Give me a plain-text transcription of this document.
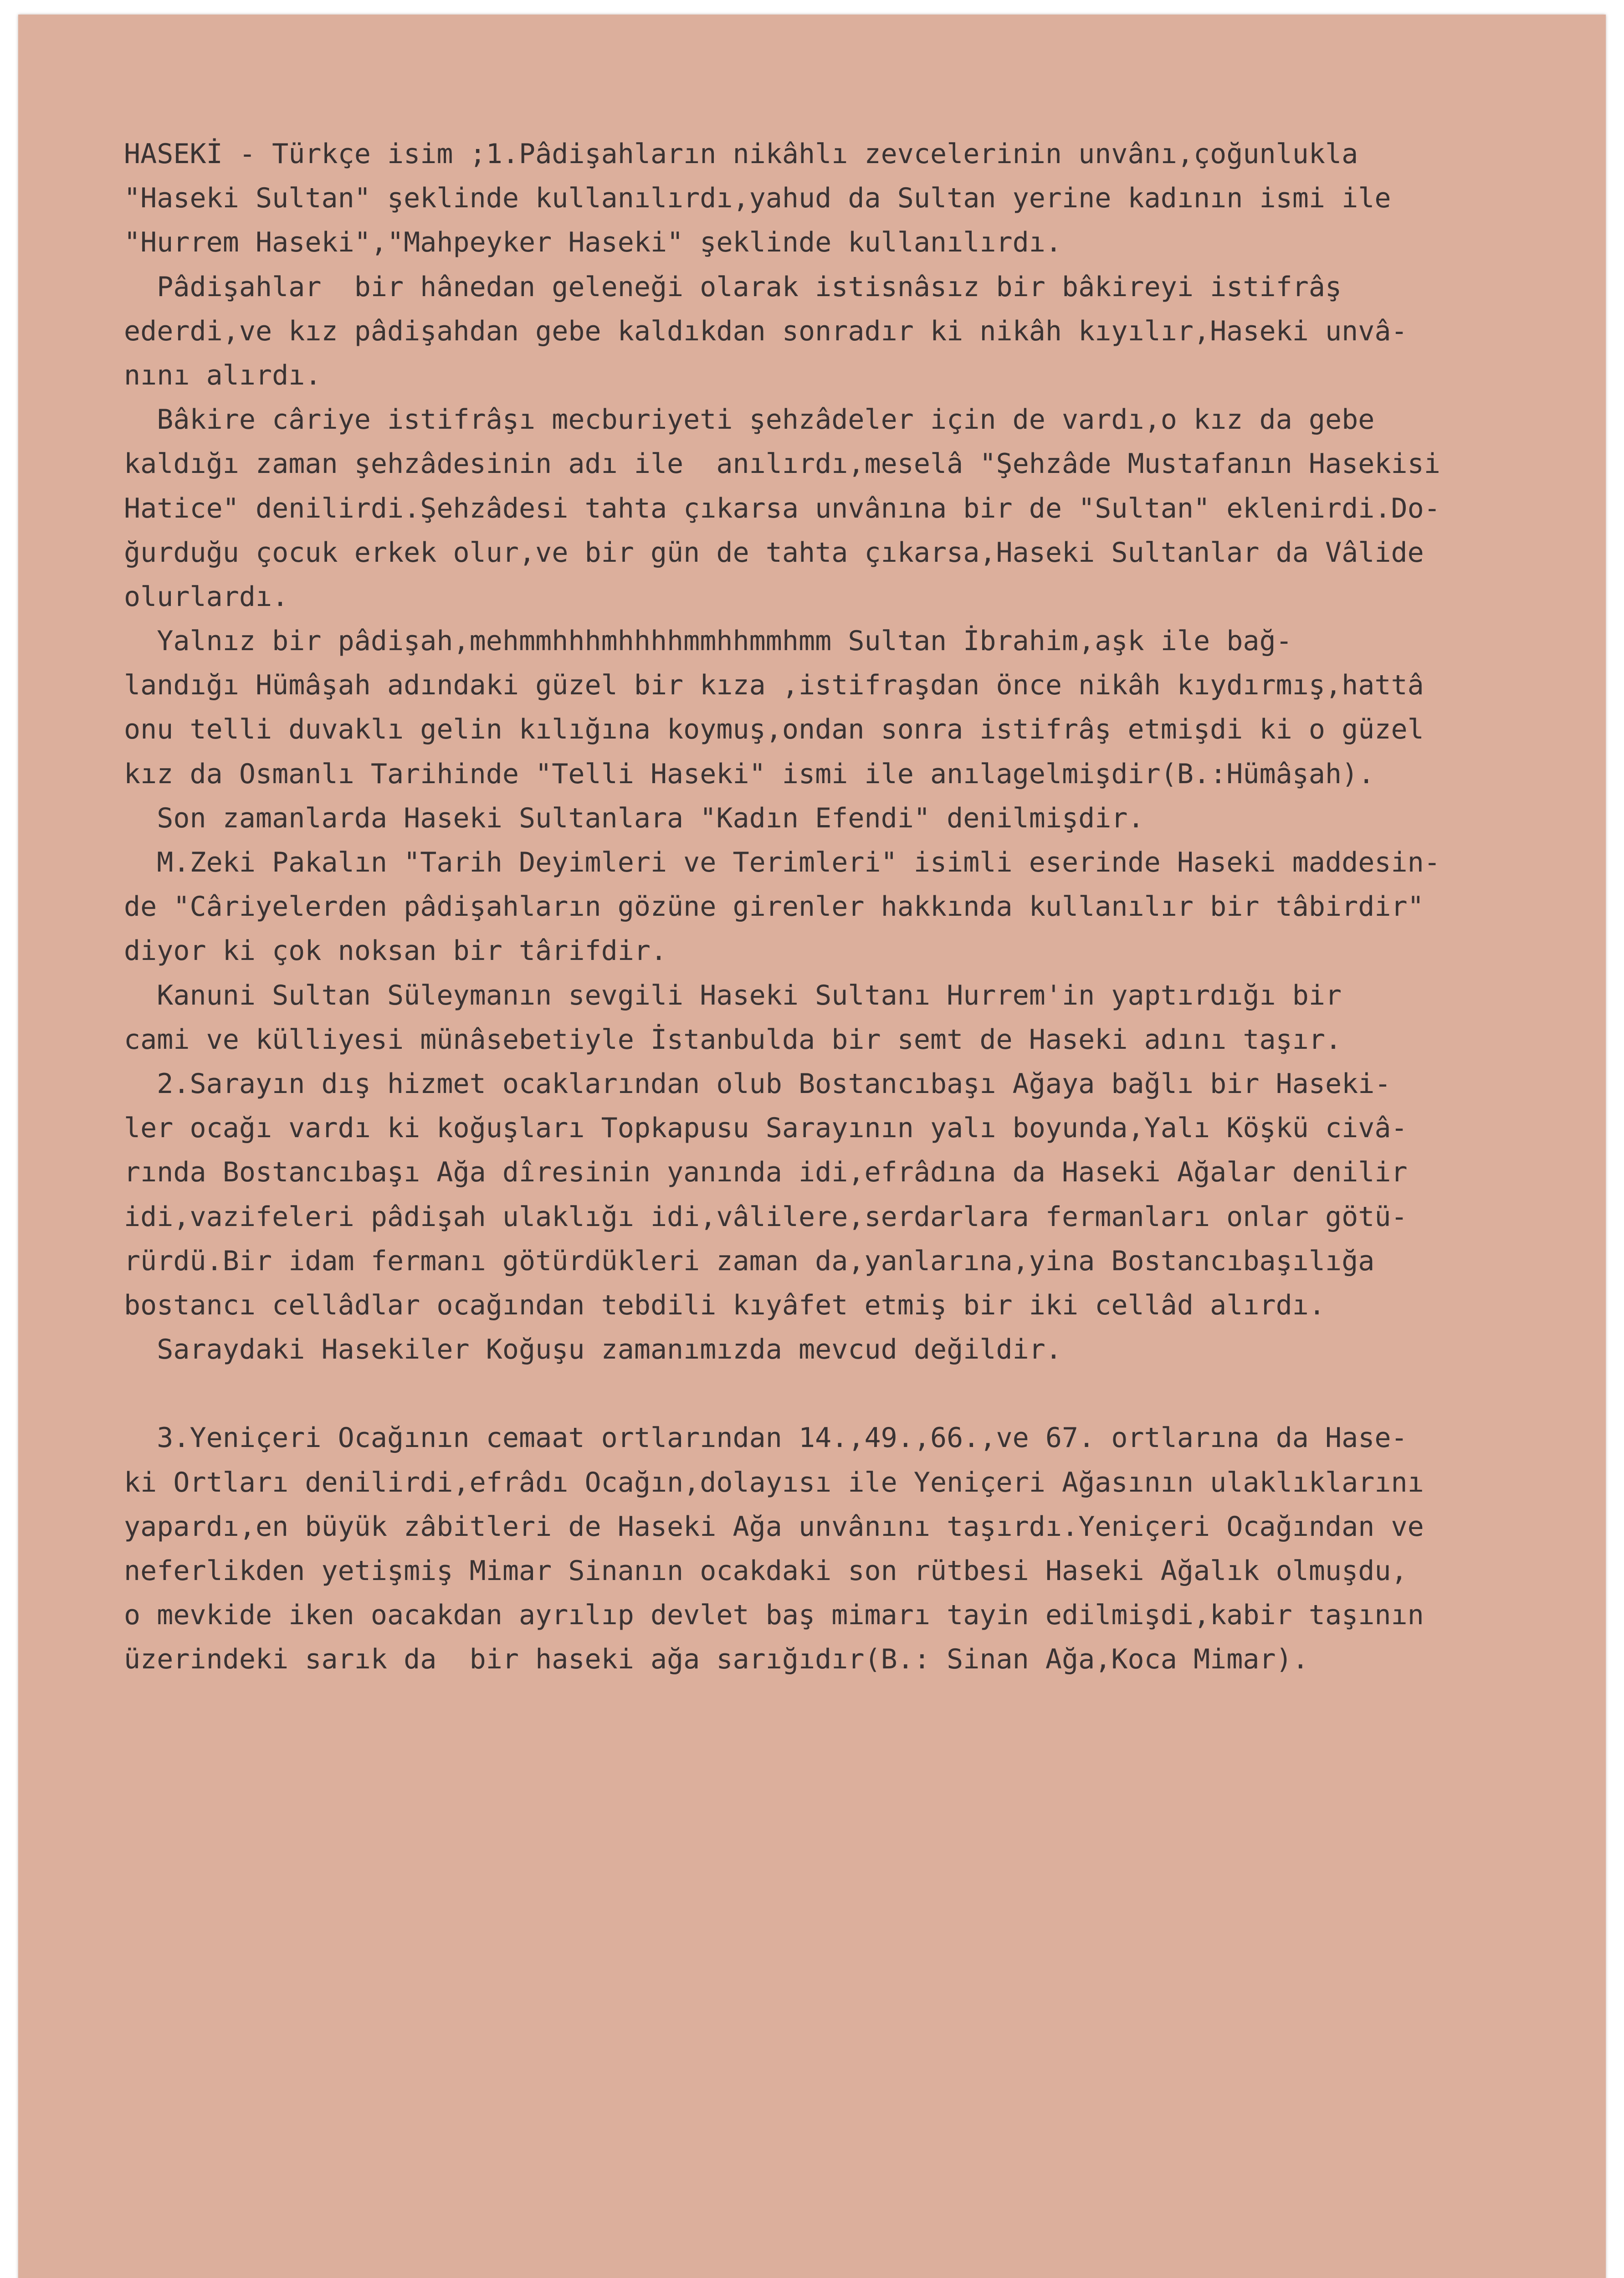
HASEKİ - Türkçe isim ;1.Pâdişahların nikâhlı zevcelerinin unvânı,çoğunlukla
"Haseki Sultan" şeklinde kullanılırdı,yahud da Sultan yerine kadının ismi ile
"Hurrem Haseki","Mahpeyker Haseki" şeklinde kullanılırdı.
Pâdişahlar  bir hânedan geleneği olarak istisnâsız bir bâkireyi istifrâş
ederdi,ve kız pâdişahdan gebe kaldıkdan sonradır ki nikâh kıyılır,Haseki unvâ-
nını alırdı.
Bâkire câriye istifrâşı mecburiyeti şehzâdeler için de vardı,o kız da gebe
kaldığı zaman şehzâdesinin adı ile  anılırdı,meselâ "Şehzâde Mustafanın Hasekisi
Hatice" denilirdi.Şehzâdesi tahta çıkarsa unvânına bir de "Sultan" eklenirdi.Do-
ğurduğu çocuk erkek olur,ve bir gün de tahta çıkarsa,Haseki Sultanlar da Vâlide
olurlardı.
Yalnız bir pâdişah,mehmmhhhmhhhhmmhhmmhmm Sultan İbrahim,aşk ile bağ-
landığı Hümâşah adındaki güzel bir kıza ,istifraşdan önce nikâh kıydırmış,hattâ
onu telli duvaklı gelin kılığına koymuş,ondan sonra istifrâş etmişdi ki o güzel
kız da Osmanlı Tarihinde "Telli Haseki" ismi ile anılagelmişdir(B.:Hümâşah).
Son zamanlarda Haseki Sultanlara "Kadın Efendi" denilmişdir.
M.Zeki Pakalın "Tarih Deyimleri ve Terimleri" isimli eserinde Haseki maddesin-
de "Câriyelerden pâdişahların gözüne girenler hakkında kullanılır bir tâbirdir"
diyor ki çok noksan bir târifdir.
Kanuni Sultan Süleymanın sevgili Haseki Sultanı Hurrem'in yaptırdığı bir
cami ve külliyesi münâsebetiyle İstanbulda bir semt de Haseki adını taşır.
2.Sarayın dış hizmet ocaklarından olub Bostancıbaşı Ağaya bağlı bir Haseki-
ler ocağı vardı ki koğuşları Topkapusu Sarayının yalı boyunda,Yalı Köşkü civâ-
rında Bostancıbaşı Ağa dîresinin yanında idi,efrâdına da Haseki Ağalar denilir
idi,vazifeleri pâdişah ulaklığı idi,vâlilere,serdarlara fermanları onlar götü-
rürdü.Bir idam fermanı götürdükleri zaman da,yanlarına,yina Bostancıbaşılığa
bostancı cellâdlar ocağından tebdili kıyâfet etmiş bir iki cellâd alırdı.
Saraydaki Hasekiler Koğuşu zamanımızda mevcud değildir.
3.Yeniçeri Ocağının cemaat ortlarından 14.,49.,66.,ve 67. ortlarına da Hase-
ki Ortları denilirdi,efrâdı Ocağın,dolayısı ile Yeniçeri Ağasının ulaklıklarını
yapardı,en büyük zâbitleri de Haseki Ağa unvânını taşırdı.Yeniçeri Ocağından ve
neferlikden yetişmiş Mimar Sinanın ocakdaki son rütbesi Haseki Ağalık olmuşdu,
o mevkide iken oacakdan ayrılıp devlet baş mimarı tayin edilmişdi,kabir taşının
üzerindeki sarık da  bir haseki ağa sarığıdır(B.: Sinan Ağa,Koca Mimar).
